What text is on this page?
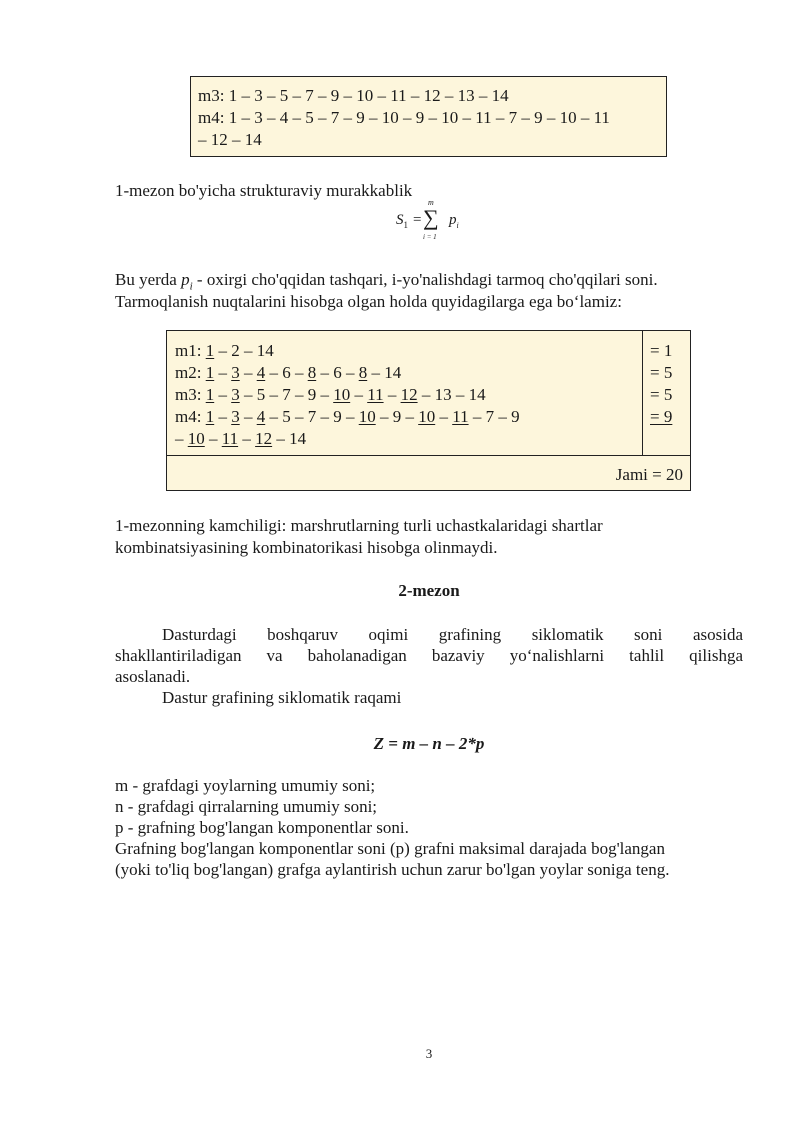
m3: 1 – 3 – 5 – 7 – 9 – 10 – 11 – 12 – 13 – 14
m4: 1 – 3 – 4 – 5 – 7 – 9 – 10 – 9 – 10 – 11 – 7 – 9 – 10 – 11
– 12 – 14
1-mezon bo'yicha strukturaviy murakkablik
$S_1$ =
m
∑
i = 1
$p_i$
Bu yerda $p_i$ - oxirgi cho'qqidan tashqari, i-yo'nalishdagi tarmoq cho'qqilari soni.
Tarmoqlanish nuqtalarini hisobga olgan holda quyidagilarga ega bo‘lamiz:
m1: 1 – 2 – 14
m2: 1 – 3 – 4 – 6 – 8 – 6 – 8 – 14
m3: 1 – 3 – 5 – 7 – 9 – 10 – 11 – 12 – 13 – 14
m4: 1 – 3 – 4 – 5 – 7 – 9 – 10 – 9 – 10 – 11 – 7 – 9
– 10 – 11 – 12 – 14
= 1
= 5
= 5
= 9
Jami = 20
1-mezonning kamchiligi: marshrutlarning turli uchastkalaridagi shartlar
kombinatsiyasining kombinatorikasi hisobga olinmaydi.
2-mezon
Dasturdagi boshqaruv oqimi grafining siklomatik soni asosida
shakllantiriladigan va baholanadigan bazaviy yo‘nalishlarni tahlil qilishga
asoslanadi.
Dastur grafining siklomatik raqami
Z = m – n – 2*p
m - grafdagi yoylarning umumiy soni;
n - grafdagi qirralarning umumiy soni;
p - grafning bog'langan komponentlar soni.
Grafning bog'langan komponentlar soni (p) grafni maksimal darajada bog'langan
(yoki to'liq bog'langan) grafga aylantirish uchun zarur bo'lgan yoylar soniga teng.
3
